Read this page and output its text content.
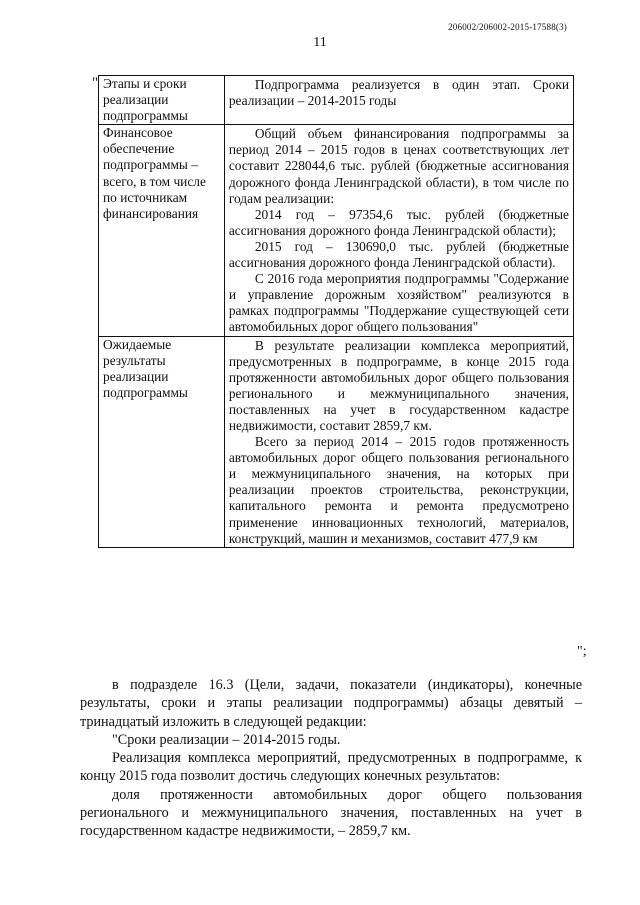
206002/206002-2015-17588(3)
11
" Этапы и сроки реализации подпрограммы	Подпрограмма реализуется в один этап. Сроки реализации – 2014-2015 годы

Финансовое обеспечение подпрограммы – всего, в том числе по источникам финансирования	Общий объем финансирования подпрограммы за период 2014 – 2015 годов в ценах соответствующих лет составит 228044,6 тыс. рублей (бюджетные ассигнования дорожного фонда Ленинградской области), в том числе по годам реализации:

2014 год – 97354,6 тыс. рублей (бюджетные ассигнования дорожного фонда Ленинградской области);

2015 год – 130690,0 тыс. рублей (бюджетные ассигнования дорожного фонда Ленинградской области).

С 2016 года мероприятия подпрограммы "Содержание и управление дорожным хозяйством" реализуются в рамках подпрограммы "Поддержание существующей сети автомобильных дорог общего пользования"

Ожидаемые результаты реализации подпрограммы	В результате реализации комплекса мероприятий, предусмотренных в подпрограмме, в конце 2015 года протяженности автомобильных дорог общего пользования регионального и межмуниципального значения, поставленных на учет в государственном кадастре недвижимости, составит 2859,7 км.

Всего за период 2014 – 2015 годов протяженность автомобильных дорог общего пользования регионального и межмуниципального значения, на которых при реализации проектов строительства, реконструкции, капитального ремонта и ремонта предусмотрено применение инновационных технологий, материалов, конструкций, машин и механизмов, составит 477,9 км

";

в подразделе 16.3 (Цели, задачи, показатели (индикаторы), конечные результаты, сроки и этапы реализации подпрограммы) абзацы девятый – тринадцатый изложить в следующей редакции:

"Сроки реализации – 2014-2015 годы.

Реализация комплекса мероприятий, предусмотренных в подпрограмме, к концу 2015 года позволит достичь следующих конечных результатов:

доля протяженности автомобильных дорог общего пользования регионального и межмуниципального значения, поставленных на учет в государственном кадастре недвижимости, – 2859,7 км.
